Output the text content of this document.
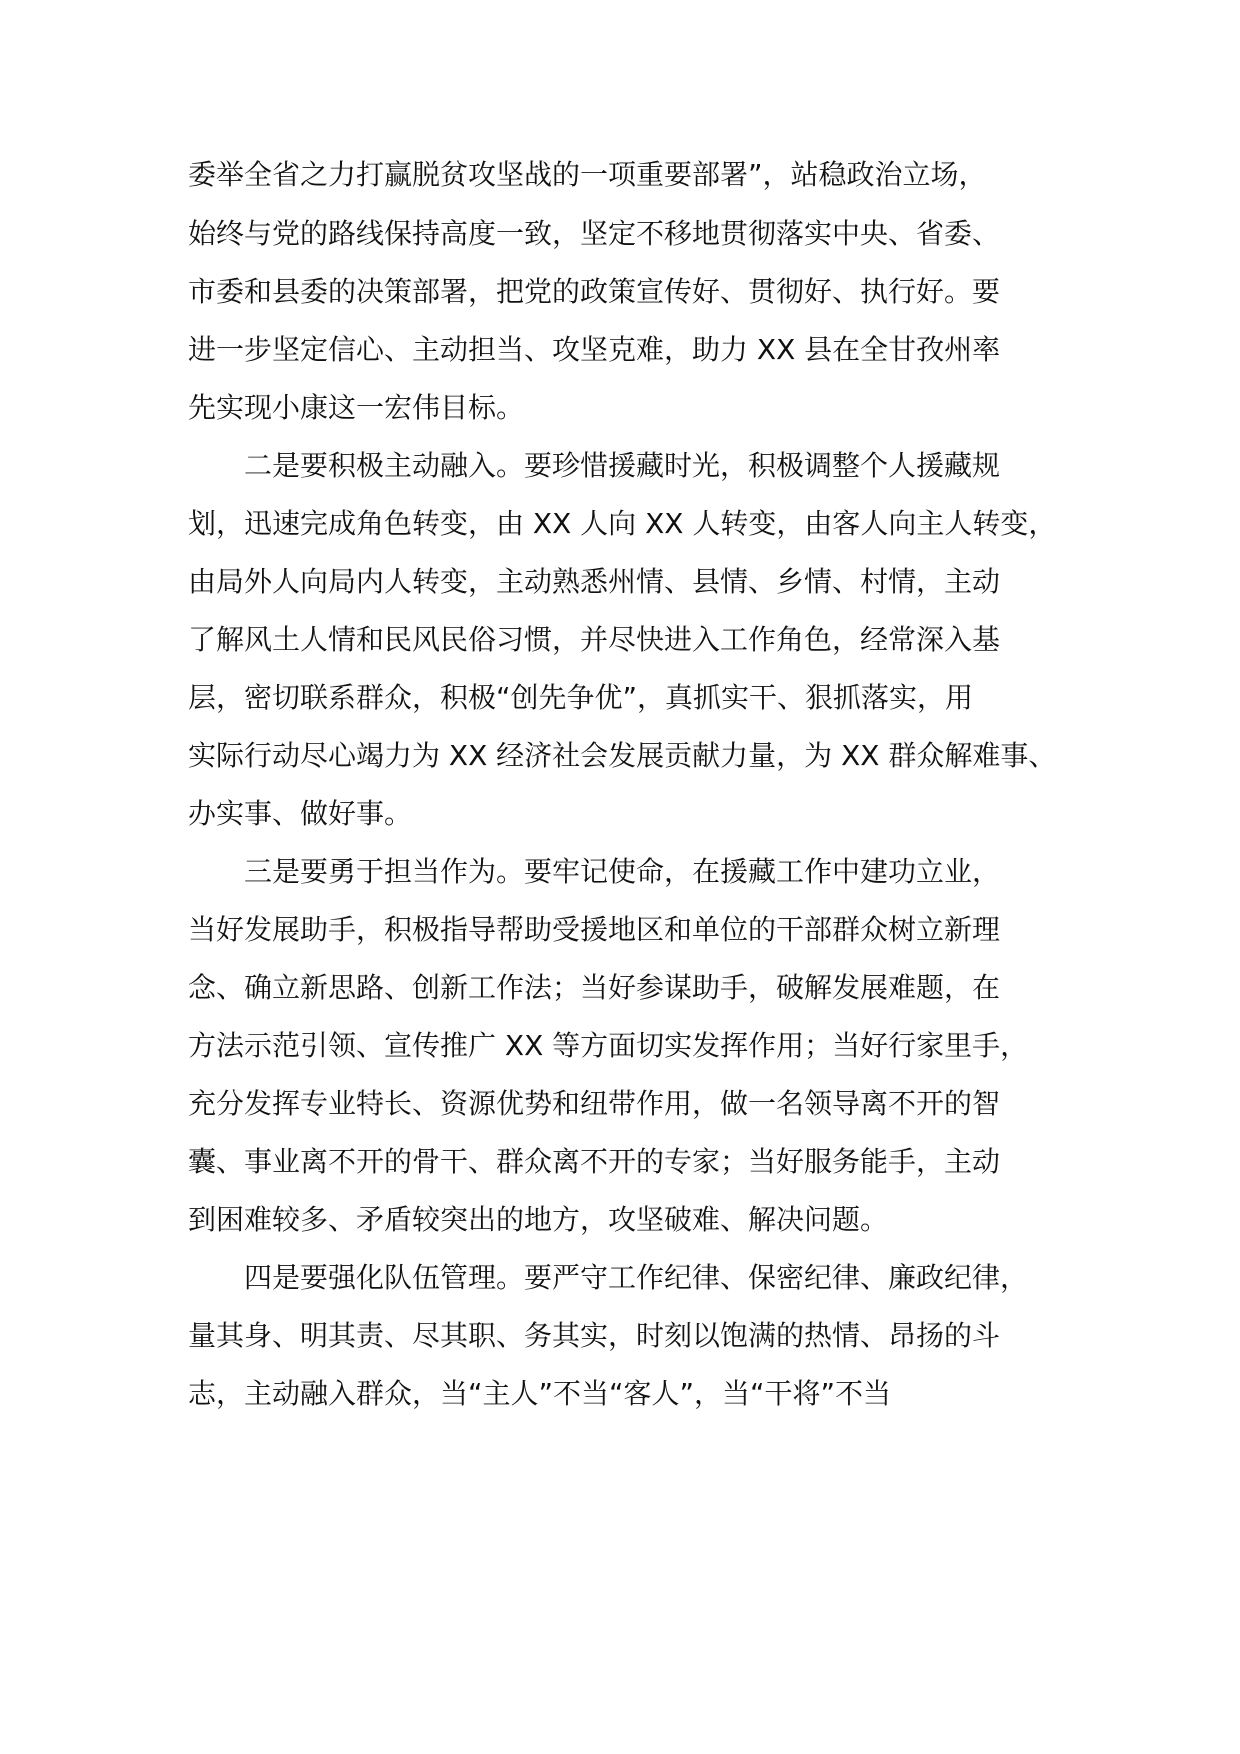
委举全省之力打赢脱贫攻坚战的一项重要部署”，站稳政治立场，
始终与党的路线保持高度一致，坚定不移地贯彻落实中央、省委、
市委和县委的决策部署，把党的政策宣传好、贯彻好、执行好。要
进一步坚定信心、主动担当、攻坚克难，助力 XX 县在全甘孜州率
先实现小康这一宏伟目标。
二是要积极主动融入。要珍惜援藏时光，积极调整个人援藏规
划，迅速完成角色转变，由 XX 人向 XX 人转变，由客人向主人转变，
由局外人向局内人转变，主动熟悉州情、县情、乡情、村情，主动
了解风土人情和民风民俗习惯，并尽快进入工作角色，经常深入基
层，密切联系群众，积极“创先争优”，真抓实干、狠抓落实，用
实际行动尽心竭力为 XX 经济社会发展贡献力量，为 XX 群众解难事、
办实事、做好事。
三是要勇于担当作为。要牢记使命，在援藏工作中建功立业，
当好发展助手，积极指导帮助受援地区和单位的干部群众树立新理
念、确立新思路、创新工作法；当好参谋助手，破解发展难题，在
方法示范引领、宣传推广 XX 等方面切实发挥作用；当好行家里手，
充分发挥专业特长、资源优势和纽带作用，做一名领导离不开的智
囊、事业离不开的骨干、群众离不开的专家；当好服务能手，主动
到困难较多、矛盾较突出的地方，攻坚破难、解决问题。
四是要强化队伍管理。要严守工作纪律、保密纪律、廉政纪律，
量其身、明其责、尽其职、务其实，时刻以饱满的热情、昂扬的斗
志，主动融入群众，当“主人”不当“客人”，当“干将”不当
